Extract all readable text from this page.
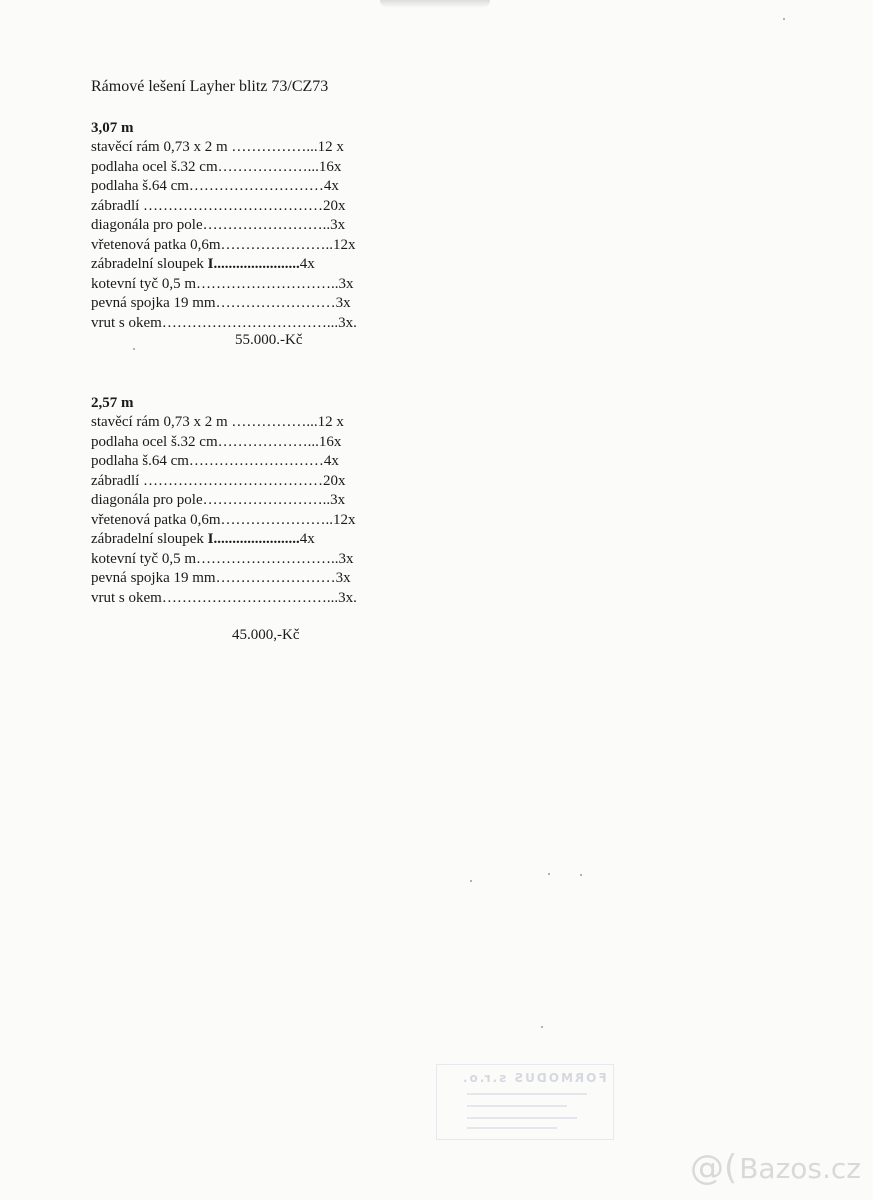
Rámové lešení Layher blitz 73/CZ73
3,07 m
stavěcí rám 0,73 x 2 m ……………...12 x
podlaha ocel š.32 cm………………...16x
podlaha š.64 cm………………………4x
zábradlí ………………………………20x
diagonála pro pole……………………..3x
vřetenová patka 0,6m…………………..12x
zábradelní sloupek I.......................4x
kotevní tyč 0,5 m………………………..3x
pevná spojka 19 mm……………………3x
vrut s okem……………………………...3x.
55.000.-Kč
2,57 m
stavěcí rám 0,73 x 2 m ……………...12 x
podlaha ocel š.32 cm………………...16x
podlaha š.64 cm………………………4x
zábradlí ………………………………20x
diagonála pro pole……………………..3x
vřetenová patka 0,6m…………………..12x
zábradelní sloupek I.......................4x
kotevní tyč 0,5 m………………………..3x
pevná spojka 19 mm……………………3x
vrut s okem……………………………...3x.
45.000,-Kč
FORMODUS s.r.o.
@( Bazos.cz
